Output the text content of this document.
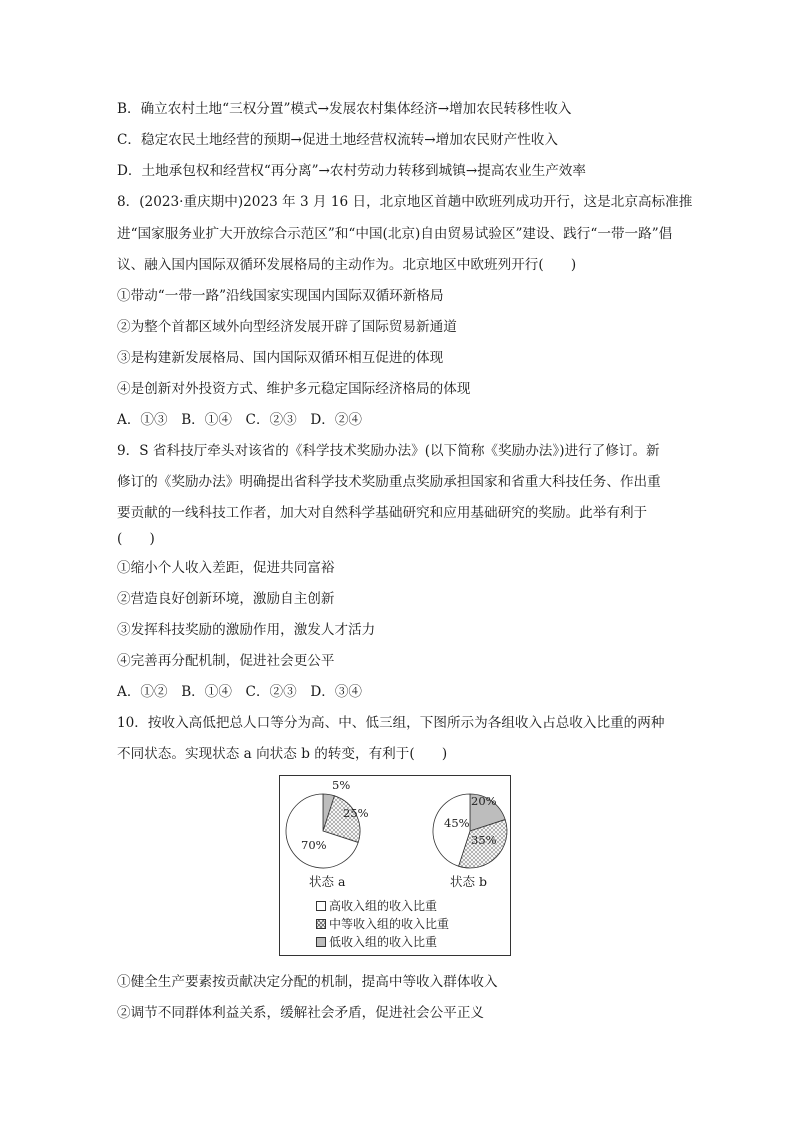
B．确立农村土地“三权分置”模式→发展农村集体经济→增加农民转移性收入
C．稳定农民土地经营的预期→促进土地经营权流转→增加农民财产性收入
D．土地承包权和经营权“再分离”→农村劳动力转移到城镇→提高农业生产效率
8．(2023·重庆期中)2023 年 3 月 16 日，北京地区首趟中欧班列成功开行，这是北京高标准推
进“国家服务业扩大开放综合示范区”和“中国(北京)自由贸易试验区”建设、践行“一带一路”倡
议、融入国内国际双循环发展格局的主动作为。北京地区中欧班列开行(　　)
①带动“一带一路”沿线国家实现国内国际双循环新格局
②为整个首都区域外向型经济发展开辟了国际贸易新通道
③是构建新发展格局、国内国际双循环相互促进的体现
④是创新对外投资方式、维护多元稳定国际经济格局的体现
A．①③　B．①④　C．②③　D．②④
9．S 省科技厅牵头对该省的《科学技术奖励办法》(以下简称《奖励办法》)进行了修订。新
修订的《奖励办法》明确提出省科学技术奖励重点奖励承担国家和省重大科技任务、作出重
要贡献的一线科技工作者，加大对自然科学基础研究和应用基础研究的奖励。此举有利于
(　　)
①缩小个人收入差距，促进共同富裕
②营造良好创新环境，激励自主创新
③发挥科技奖励的激励作用，激发人才活力
④完善再分配机制，促进社会更公平
A．①②　B．①④　C．②③　D．③④
10．按收入高低把总人口等分为高、中、低三组，下图所示为各组收入占总收入比重的两种
不同状态。实现状态 a 向状态 b 的转变，有利于(　　)
5%
25%
70%
20%
35%
45%
状态 a	状态 b
高收入组的收入比重
中等收入组的收入比重
低收入组的收入比重
①健全生产要素按贡献决定分配的机制，提高中等收入群体收入
②调节不同群体利益关系，缓解社会矛盾，促进社会公平正义
